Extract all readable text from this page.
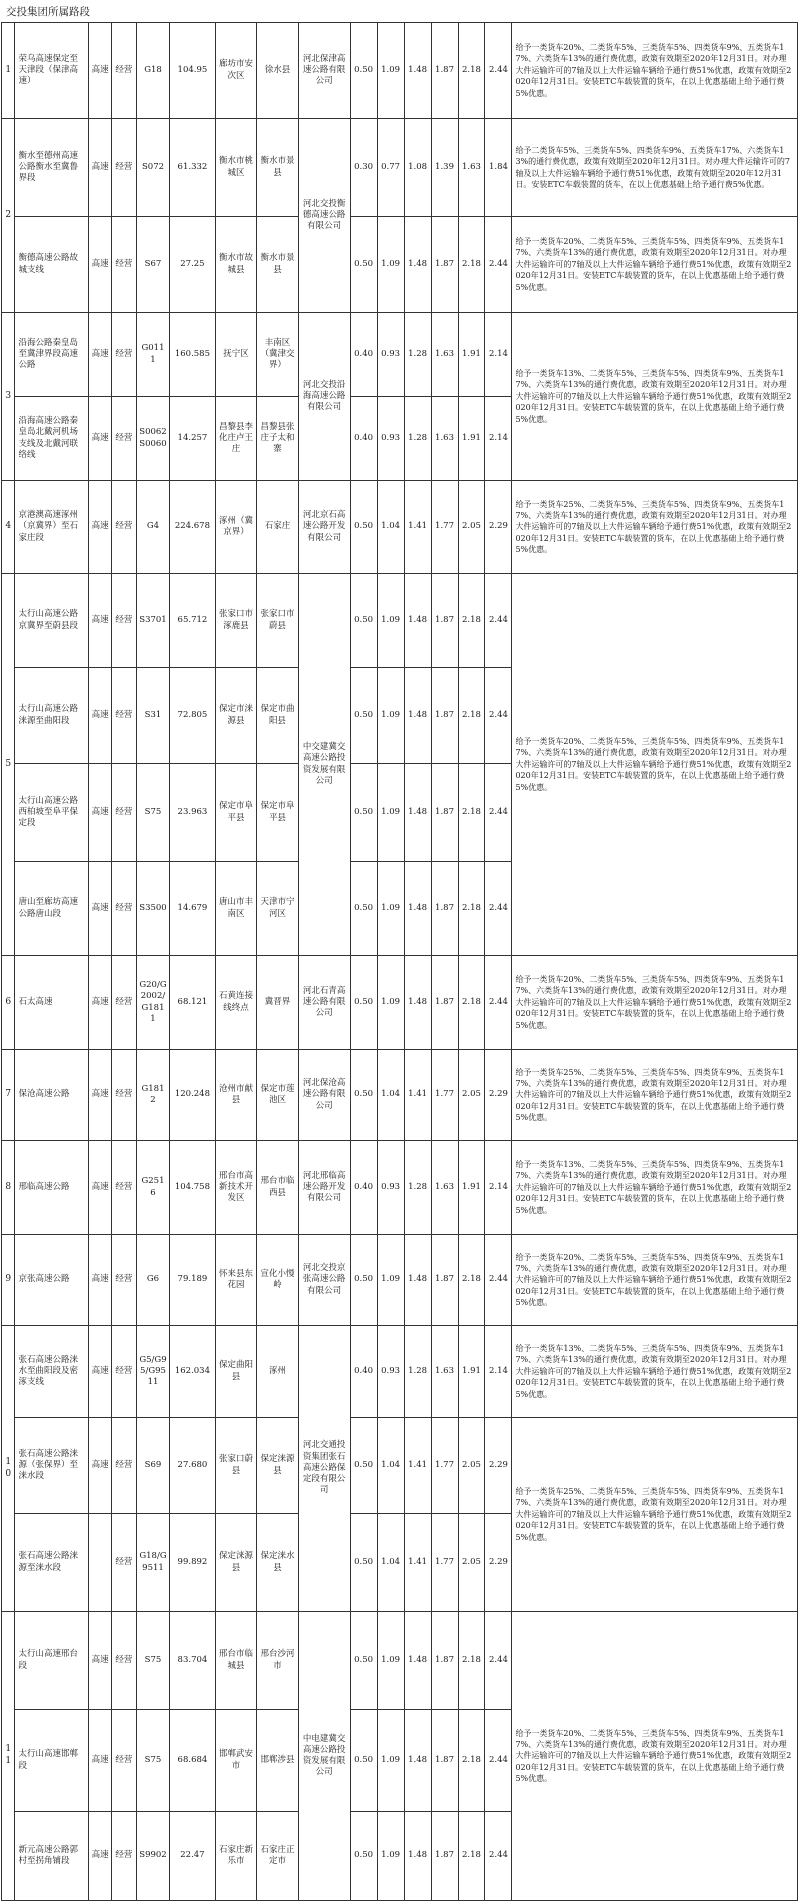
交投集团所属路段
1	荣乌高速保定至天津段（保津高速）	高速	经营	G18	104.95	廊坊市安次区	徐水县	河北保津高速公路有限公司	0.50	1.09	1.48	1.87	2.18	2.44	给予一类货车20%、二类货车5%、三类货车5%、四类货车9%、五类货车17%、六类货车13%的通行费优惠，政策有效期至2020年12月31日。对办理大件运输许可的7轴及以上大件运输车辆给予通行费51%优惠，政策有效期至2020年12月31日。安装ETC车载装置的货车，在以上优惠基础上给予通行费5%优惠。
2	衡水至德州高速公路衡水至冀鲁界段	高速	经营	S072	61.332	衡水市桃城区	衡水市景县	河北交投衡德高速公路有限公司	0.30	0.77	1.08	1.39	1.63	1.84	给予二类货车5%、三类货车5%、四类货车9%、五类货车17%、六类货车13%的通行费优惠，政策有效期至2020年12月31日。对办理大件运输许可的7轴及以上大件运输车辆给予通行费51%优惠，政策有效期至2020年12月31日。安装ETC车载装置的货车，在以上优惠基础上给予通行费5%优惠。
	衡德高速公路故城支线	高速	经营	S67	27.25	衡水市故城县	衡水市景县		0.50	1.09	1.48	1.87	2.18	2.44	给予一类货车20%、二类货车5%、三类货车5%、四类货车9%、五类货车17%、六类货车13%的通行费优惠，政策有效期至2020年12月31日。对办理大件运输许可的7轴及以上大件运输车辆给予通行费51%优惠，政策有效期至2020年12月31日。安装ETC车载装置的货车，在以上优惠基础上给予通行费5%优惠。
3	沿海公路秦皇岛至冀津界段高速公路	高速	经营	G0111	160.585	抚宁区	丰南区（冀津交界）	河北交投沿海高速公路有限公司	0.40	0.93	1.28	1.63	1.91	2.14	给予一类货车13%、二类货车5%、三类货车5%、四类货车9%、五类货车17%、六类货车13%的通行费优惠，政策有效期至2020年12月31日。对办理大件运输许可的7轴及以上大件运输车辆给予通行费51%优惠，政策有效期至2020年12月31日。安装ETC车载装置的货车，在以上优惠基础上给予通行费5%优惠。
	沿海高速公路秦皇岛北戴河机场支线及北戴河联络线	高速	经营	S0062 S0060	14.257	昌黎县李化庄卢王庄	昌黎县张庄子太和寨		0.40	0.93	1.28	1.63	1.91	2.14	
4	京港澳高速涿州（京冀界）至石家庄段	高速	经营	G4	224.678	涿州（冀京界）	石家庄	河北京石高速公路开发有限公司	0.50	1.04	1.41	1.77	2.05	2.29	给予一类货车25%、二类货车5%、三类货车5%、四类货车9%、五类货车17%、六类货车13%的通行费优惠，政策有效期至2020年12月31日。对办理大件运输许可的7轴及以上大件运输车辆给予通行费51%优惠，政策有效期至2020年12月31日。安装ETC车载装置的货车，在以上优惠基础上给予通行费5%优惠。
5	太行山高速公路京冀界至蔚县段	高速	经营	S3701	65.712	张家口市涿鹿县	张家口市蔚县	中交建冀交高速公路投资发展有限公司	0.50	1.09	1.48	1.87	2.18	2.44	给予一类货车20%、二类货车5%、三类货车5%、四类货车9%、五类货车17%、六类货车13%的通行费优惠，政策有效期至2020年12月31日。对办理大件运输许可的7轴及以上大件运输车辆给予通行费51%优惠，政策有效期至2020年12月31日。安装ETC车载装置的货车，在以上优惠基础上给予通行费5%优惠。
	太行山高速公路涞源至曲阳段	高速	经营	S31	72.805	保定市涞源县	保定市曲阳县		0.50	1.09	1.48	1.87	2.18	2.44	
	太行山高速公路西柏坡至阜平保定段	高速	经营	S75	23.963	保定市阜平县	保定市阜平县		0.50	1.09	1.48	1.87	2.18	2.44	
	唐山至廊坊高速公路唐山段	高速	经营	S3500	14.679	唐山市丰南区	天津市宁河区		0.50	1.09	1.48	1.87	2.18	2.44	
6	石太高速	高速	经营	G20/G2002/G1811	68.121	石黄连接线终点	冀晋界	河北石青高速公路有限公司	0.50	1.09	1.48	1.87	2.18	2.44	给予一类货车20%、二类货车5%、三类货车5%、四类货车9%、五类货车17%、六类货车13%的通行费优惠，政策有效期至2020年12月31日。对办理大件运输许可的7轴及以上大件运输车辆给予通行费51%优惠，政策有效期至2020年12月31日。安装ETC车载装置的货车，在以上优惠基础上给予通行费5%优惠。
7	保沧高速公路	高速	经营	G1812	120.248	沧州市献县	保定市莲池区	河北保沧高速公路有限公司	0.50	1.04	1.41	1.77	2.05	2.29	给予一类货车25%、二类货车5%、三类货车5%、四类货车9%、五类货车17%、六类货车13%的通行费优惠，政策有效期至2020年12月31日。对办理大件运输许可的7轴及以上大件运输车辆给予通行费51%优惠，政策有效期至2020年12月31日。安装ETC车载装置的货车，在以上优惠基础上给予通行费5%优惠。
8	邢临高速公路	高速	经营	G2516	104.758	邢台市高新技术开发区	邢台市临西县	河北邢临高速公路开发有限公司	0.40	0.93	1.28	1.63	1.91	2.14	给予一类货车13%、二类货车5%、三类货车5%、四类货车9%、五类货车17%、六类货车13%的通行费优惠，政策有效期至2020年12月31日。对办理大件运输许可的7轴及以上大件运输车辆给予通行费51%优惠，政策有效期至2020年12月31日。安装ETC车载装置的货车，在以上优惠基础上给予通行费5%优惠。
9	京张高速公路	高速	经营	G6	79.189	怀来县东花园	宣化小慢岭	河北交投京张高速公路有限公司	0.50	1.09	1.48	1.87	2.18	2.44	给予一类货车20%、二类货车5%、三类货车5%、四类货车9%、五类货车17%、六类货车13%的通行费优惠，政策有效期至2020年12月31日。对办理大件运输许可的7轴及以上大件运输车辆给予通行费51%优惠，政策有效期至2020年12月31日。安装ETC车载装置的货车，在以上优惠基础上给予通行费5%优惠。
10	张石高速公路涞水至曲阳段及密涿支线	高速	经营	G5/G95/G9511	162.034	保定曲阳县	涿州	河北交通投资集团张石高速公路保定段有限公司	0.40	0.93	1.28	1.63	1.91	2.14	给予一类货车13%、二类货车5%、三类货车5%、四类货车9%、五类货车17%、六类货车13%的通行费优惠，政策有效期至2020年12月31日。对办理大件运输许可的7轴及以上大件运输车辆给予通行费51%优惠，政策有效期至2020年12月31日。安装ETC车载装置的货车，在以上优惠基础上给予通行费5%优惠。
	张石高速公路涞源（张保界）至涞水段	高速	经营	S69	27.680	张家口蔚县	保定涞源县		0.50	1.04	1.41	1.77	2.05	2.29	给予一类货车25%、二类货车5%、三类货车5%、四类货车9%、五类货车17%、六类货车13%的通行费优惠，政策有效期至2020年12月31日。对办理大件运输许可的7轴及以上大件运输车辆给予通行费51%优惠，政策有效期至2020年12月31日。安装ETC车载装置的货车，在以上优惠基础上给予通行费5%优惠。
	张石高速公路涞源至涞水段		经营	G18/G9511	99.892	保定涞源县	保定涞水县		0.50	1.04	1.41	1.77	2.05	2.29	
11	太行山高速邢台段	高速	经营	S75	83.704	邢台市临城县	邢台沙河市	中电建冀交高速公路投资发展有限公司	0.50	1.09	1.48	1.87	2.18	2.44	给予一类货车20%、二类货车5%、三类货车5%、四类货车9%、五类货车17%、六类货车13%的通行费优惠，政策有效期至2020年12月31日。对办理大件运输许可的7轴及以上大件运输车辆给予通行费51%优惠，政策有效期至2020年12月31日。安装ETC车载装置的货车，在以上优惠基础上给予通行费5%优惠。
	太行山高速邯郸段	高速	经营	S75	68.684	邯郸武安市	邯郸涉县		0.50	1.09	1.48	1.87	2.18	2.44	
	新元高速公路郭村至拐角铺段	高速	经营	S9902	22.47	石家庄新乐市	石家庄正定市		0.50	1.09	1.48	1.87	2.18	2.44	
